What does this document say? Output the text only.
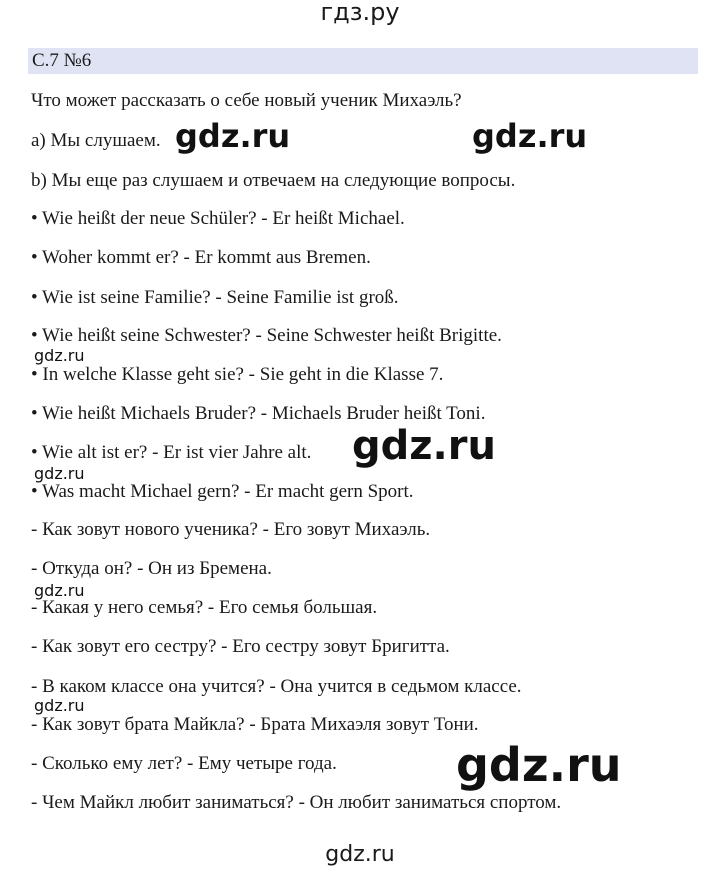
гдз.ру
С.7 №6
Что может рассказать о себе новый ученик Михаэль?
a) Мы слушаем.
b) Мы еще раз слушаем и отвечаем на следующие вопросы.
• Wie heißt der neue Schüler? - Er heißt Michael.
• Woher kommt er? - Er kommt aus Bremen.
• Wie ist seine Familie? - Seine Familie ist groß.
• Wie heißt seine Schwester? - Seine Schwester heißt Brigitte.
• In welche Klasse geht sie? - Sie geht in die Klasse 7.
• Wie heißt Michaels Bruder? - Michaels Bruder heißt Toni.
• Wie alt ist er? - Er ist vier Jahre alt.
• Was macht Michael gern? - Er macht gern Sport.
- Как зовут нового ученика? - Его зовут Михаэль.
- Откуда он? - Он из Бремена.
- Какая у него семья? - Его семья большая.
- Как зовут его сестру? - Его сестру зовут Бригитта.
- В каком классе она учится? - Она учится в седьмом классе.
- Как зовут брата Майкла? - Брата Михаэля зовут Тони.
- Сколько ему лет? - Ему четыре года.
- Чем Майкл любит заниматься? - Он любит заниматься спортом.
gdz.ru	gdz.ru
gdz.ru
gdz.ru
gdz.ru
gdz.ru
gdz.ru
gdz.ru
gdz.ru
